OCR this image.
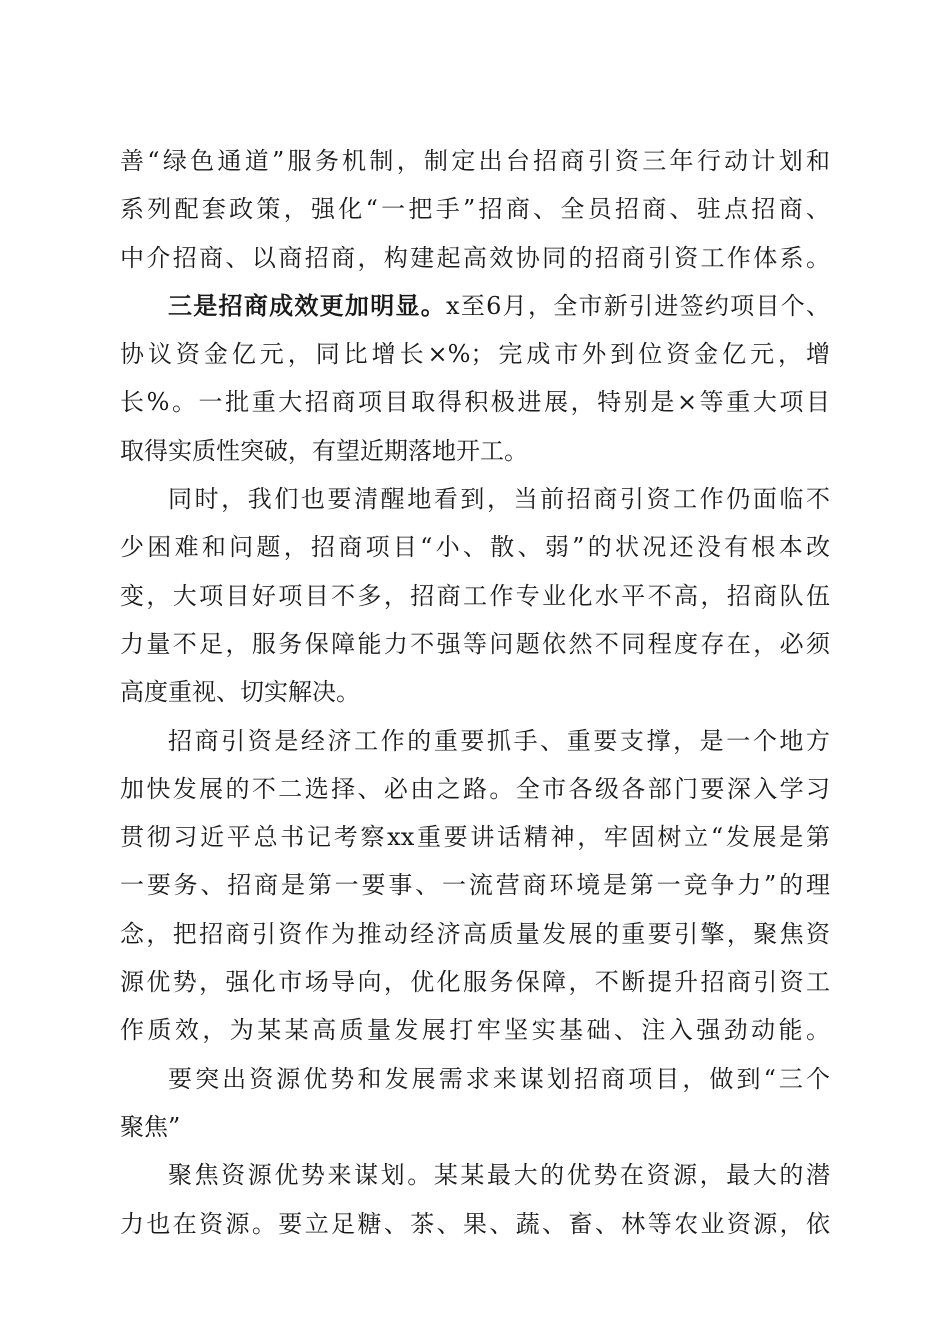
善“绿色通道”服务机制，制定出台招商引资三年行动计划和
系列配套政策，强化“一把手”招商、全员招商、驻点招商、
中介招商、以商招商，构建起高效协同的招商引资工作体系。
三是招商成效更加明显。x至6月，全市新引进签约项目个、
协议资金亿元，同比增长×%；完成市外到位资金亿元，增
长%。一批重大招商项目取得积极进展，特别是×等重大项目
取得实质性突破，有望近期落地开工。
同时，我们也要清醒地看到，当前招商引资工作仍面临不
少困难和问题，招商项目“小、散、弱”的状况还没有根本改
变，大项目好项目不多，招商工作专业化水平不高，招商队伍
力量不足，服务保障能力不强等问题依然不同程度存在，必须
高度重视、切实解决。
招商引资是经济工作的重要抓手、重要支撑，是一个地方
加快发展的不二选择、必由之路。全市各级各部门要深入学习
贯彻习近平总书记考察xx重要讲话精神，牢固树立“发展是第
一要务、招商是第一要事、一流营商环境是第一竞争力”的理
念，把招商引资作为推动经济高质量发展的重要引擎，聚焦资
源优势，强化市场导向，优化服务保障，不断提升招商引资工
作质效，为某某高质量发展打牢坚实基础、注入强劲动能。
要突出资源优势和发展需求来谋划招商项目，做到“三个
聚焦”
聚焦资源优势来谋划。某某最大的优势在资源，最大的潜
力也在资源。要立足糖、茶、果、蔬、畜、林等农业资源，依
